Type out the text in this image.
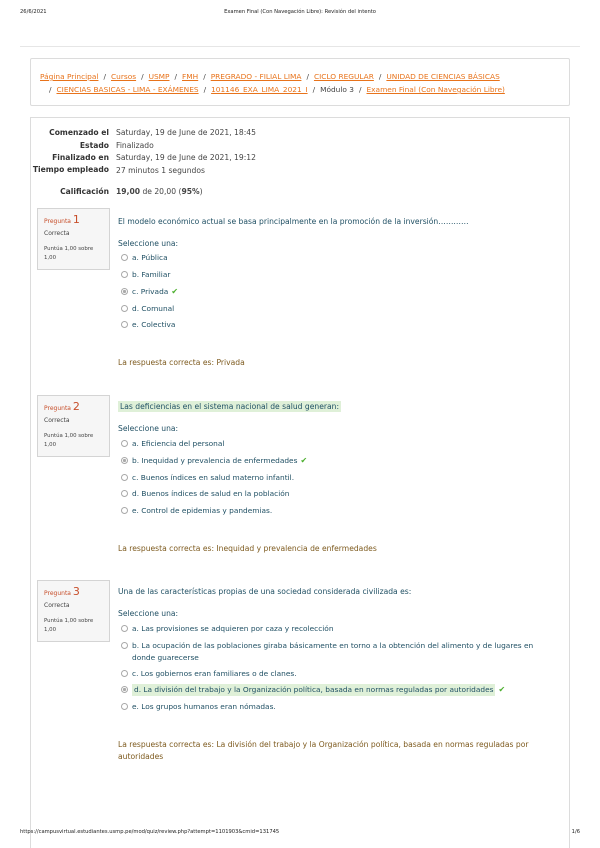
26/6/2021	Examen Final (Con Navegación Libre): Revisión del intento
Página Principal / Cursos / USMP / FMH / PREGRADO - FILIAL LIMA / CICLO REGULAR / UNIDAD DE CIENCIAS BÁSICAS
/ CIENCIAS BASICAS - LIMA - EXÁMENES / 101146_EXA_LIMA_2021_I / Módulo 3 / Examen Final (Con Navegación Libre)
Comenzado el Saturday, 19 de June de 2021, 18:45
Estado Finalizado
Finalizado en Saturday, 19 de June de 2021, 19:12
Tiempo empleado 27 minutos 1 segundos
Calificación 19,00 de 20,00 (95%)
Pregunta 1
Correcta
Puntúa 1,00 sobre 1,00
El modelo económico actual se basa principalmente en la promoción de la inversión…………
Seleccione una:
a. Pública
b. Familiar
c. Privada ✔
d. Comunal
e. Colectiva
La respuesta correcta es: Privada
Pregunta 2
Correcta
Puntúa 1,00 sobre 1,00
Las deficiencias en el sistema nacional de salud generan:
Seleccione una:
a. Eficiencia del personal
b. Inequidad y prevalencia de enfermedades ✔
c. Buenos índices en salud materno infantil.
d. Buenos índices de salud en la población
e. Control de epidemias y pandemias.
La respuesta correcta es: Inequidad y prevalencia de enfermedades
Pregunta 3
Correcta
Puntúa 1,00 sobre 1,00
Una de las características propias de una sociedad considerada civilizada es:
Seleccione una:
a. Las provisiones se adquieren por caza y recolección
b. La ocupación de las poblaciones giraba básicamente en torno a la obtención del alimento y de lugares en donde guarecerse
c. Los gobiernos eran familiares o de clanes.
d. La división del trabajo y la Organización política, basada en normas reguladas por autoridades ✔
e. Los grupos humanos eran nómadas.
La respuesta correcta es: La división del trabajo y la Organización política, basada en normas reguladas por autoridades
https://campusvirtual.estudiantes.usmp.pe/mod/quiz/review.php?attempt=1101903&cmid=131745	1/6
